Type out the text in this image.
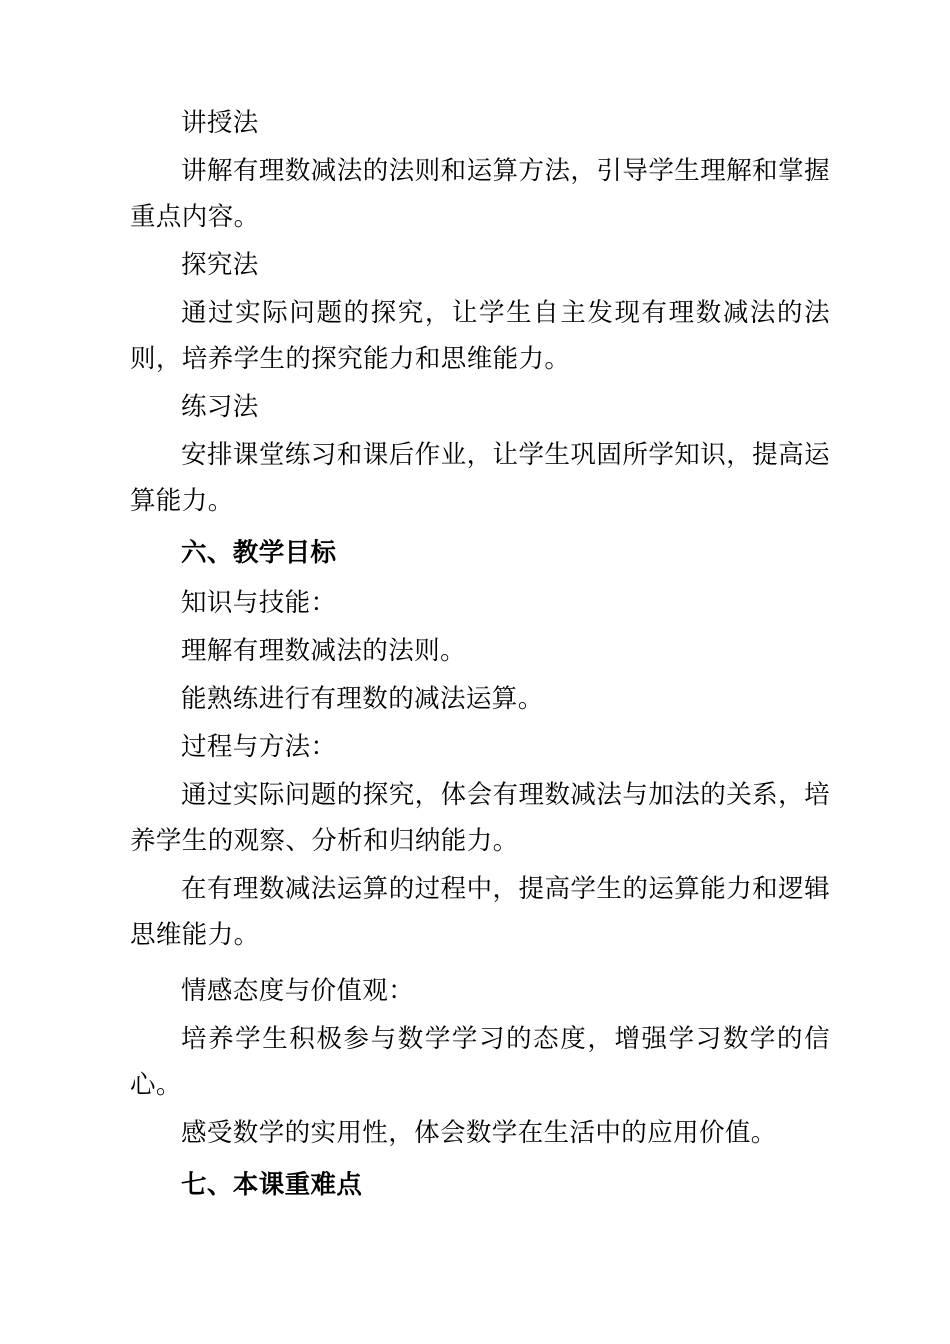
讲授法

讲解有理数减法的法则和运算方法，引导学生理解和掌握重点内容。

探究法

通过实际问题的探究，让学生自主发现有理数减法的法则，培养学生的探究能力和思维能力。

练习法

安排课堂练习和课后作业，让学生巩固所学知识，提高运算能力。

六、教学目标

知识与技能：

理解有理数减法的法则。

能熟练进行有理数的减法运算。

过程与方法：

通过实际问题的探究，体会有理数减法与加法的关系，培养学生的观察、分析和归纳能力。

在有理数减法运算的过程中，提高学生的运算能力和逻辑思维能力。

情感态度与价值观：

培养学生积极参与数学学习的态度，增强学习数学的信心。

感受数学的实用性，体会数学在生活中的应用价值。

七、本课重难点
